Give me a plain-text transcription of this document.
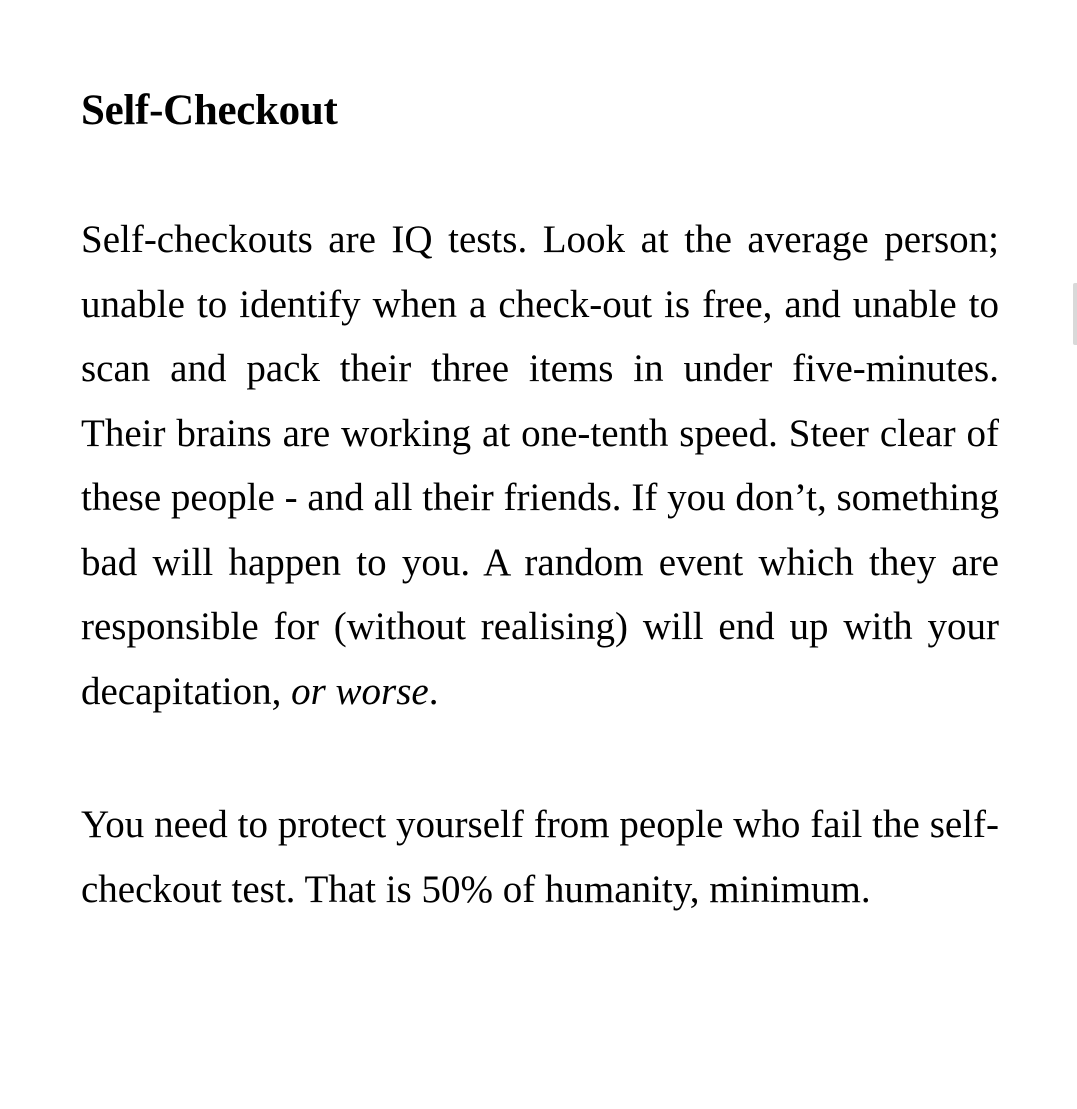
Self-Checkout

Self-checkouts are IQ tests. Look at the average person; unable to identify when a check-out is free, and unable to scan and pack their three items in under five-minutes. Their brains are working at one-tenth speed. Steer clear of these people - and all their friends. If you don’t, something bad will happen to you. A random event which they are responsible for (without realising) will end up with your decapitation, or worse.

You need to protect yourself from people who fail the self-checkout test. That is 50% of humanity, minimum.
